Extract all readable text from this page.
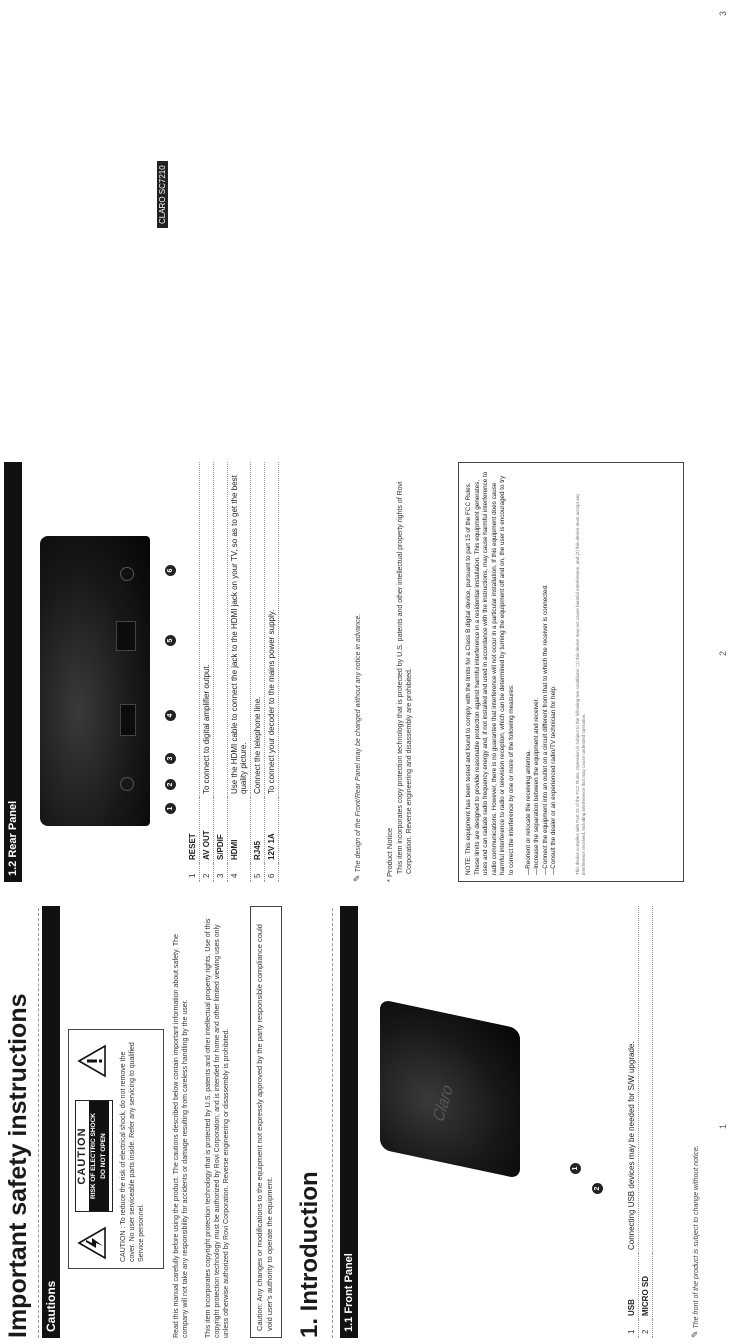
Important safety instructions Cautions
CAUTION RISK OF ELECTRIC SHOCK DO NOT OPEN CAUTION : To reduce the risk of electrical shock, do not remove the cover. No user serviceable parts inside. Refer any servicing to qualified Service personnel.	Read this manual carefully before using the product. The cautions described below contain important information about safety. The company will not take any responsibility for accidents or damage resulting from careless handling by the user. This item incorporates copyright protection technology that is protected by U.S. patents and other intellectual property rights. Use of this copyright protection technology must be authorized by Rovi Corporation, and is intended for home and other limited viewing uses only unless otherwise authorized by Rovi Corporation. Reverse engineering or disassembly is prohibited.	Caution: Any changes or modifications to the equipment not expressly approved by the party responsible compliance could void user's authority to operate the equipment. 1. Introduction 1.1 Front Panel
Claro
1
2
1	USB	Connecting USB devices may be needed for S/W upgrade.
2	MICRO SD	
✎ The front of the product is subject to change without notice.
1
1.2 Rear Panel	1
2
3
4
5
6
1	RESET	
2	AV OUT	To connect to digital amplifier output.
3	S/PDIF	
4	HDMI	Use the HDMI cable to connect the jack to the HDMI jack on your TV, so as to get the best quality picture.
5	RJ45	Connect the telephone line.
6	12V 1A	To connect your decoder to the mains power supply.
✎ The design of the Front/Rear Panel may be changed without any notice in advance.	* Product Notice This item incorporates copy protection technology that is protected by U.S. patents and other intellectual property rights of Rovi Corporation. Reverse engineering and disassembly are prohibited.	NOTE: This equipment has been tested and found to comply with the limits for a Class B digital device, pursuant to part 15 of the FCC Rules. These limits are designed to provide reasonable protection against harmful interference in a residential installation. This equipment generates, uses and can radiate radio frequency energy and, if not installed and used in accordance with the instructions, may cause harmful interference to radio communications. However, there is no guarantee that interference will not occur in a particular installation. If this equipment does cause harmful interference to radio or television reception, which can be determined by turning the equipment off and on, the user is encouraged to try to correct the interference by one or more of the following measures: —Reorient or relocate the receiving antenna. —Increase the separation between the equipment and receiver. —Connect the equipment into an outlet on a circuit different from that to which the receiver is connected. —Consult the dealer or an experienced radio/TV technician for help.	This device complies with Part 15 of the FCC Rules. Operation is subject to the following two conditions: (1) this device may not cause harmful interference, and (2) this device must accept any interference received, including interference that may cause undesired operation.
2
CLARO SC7210
3
